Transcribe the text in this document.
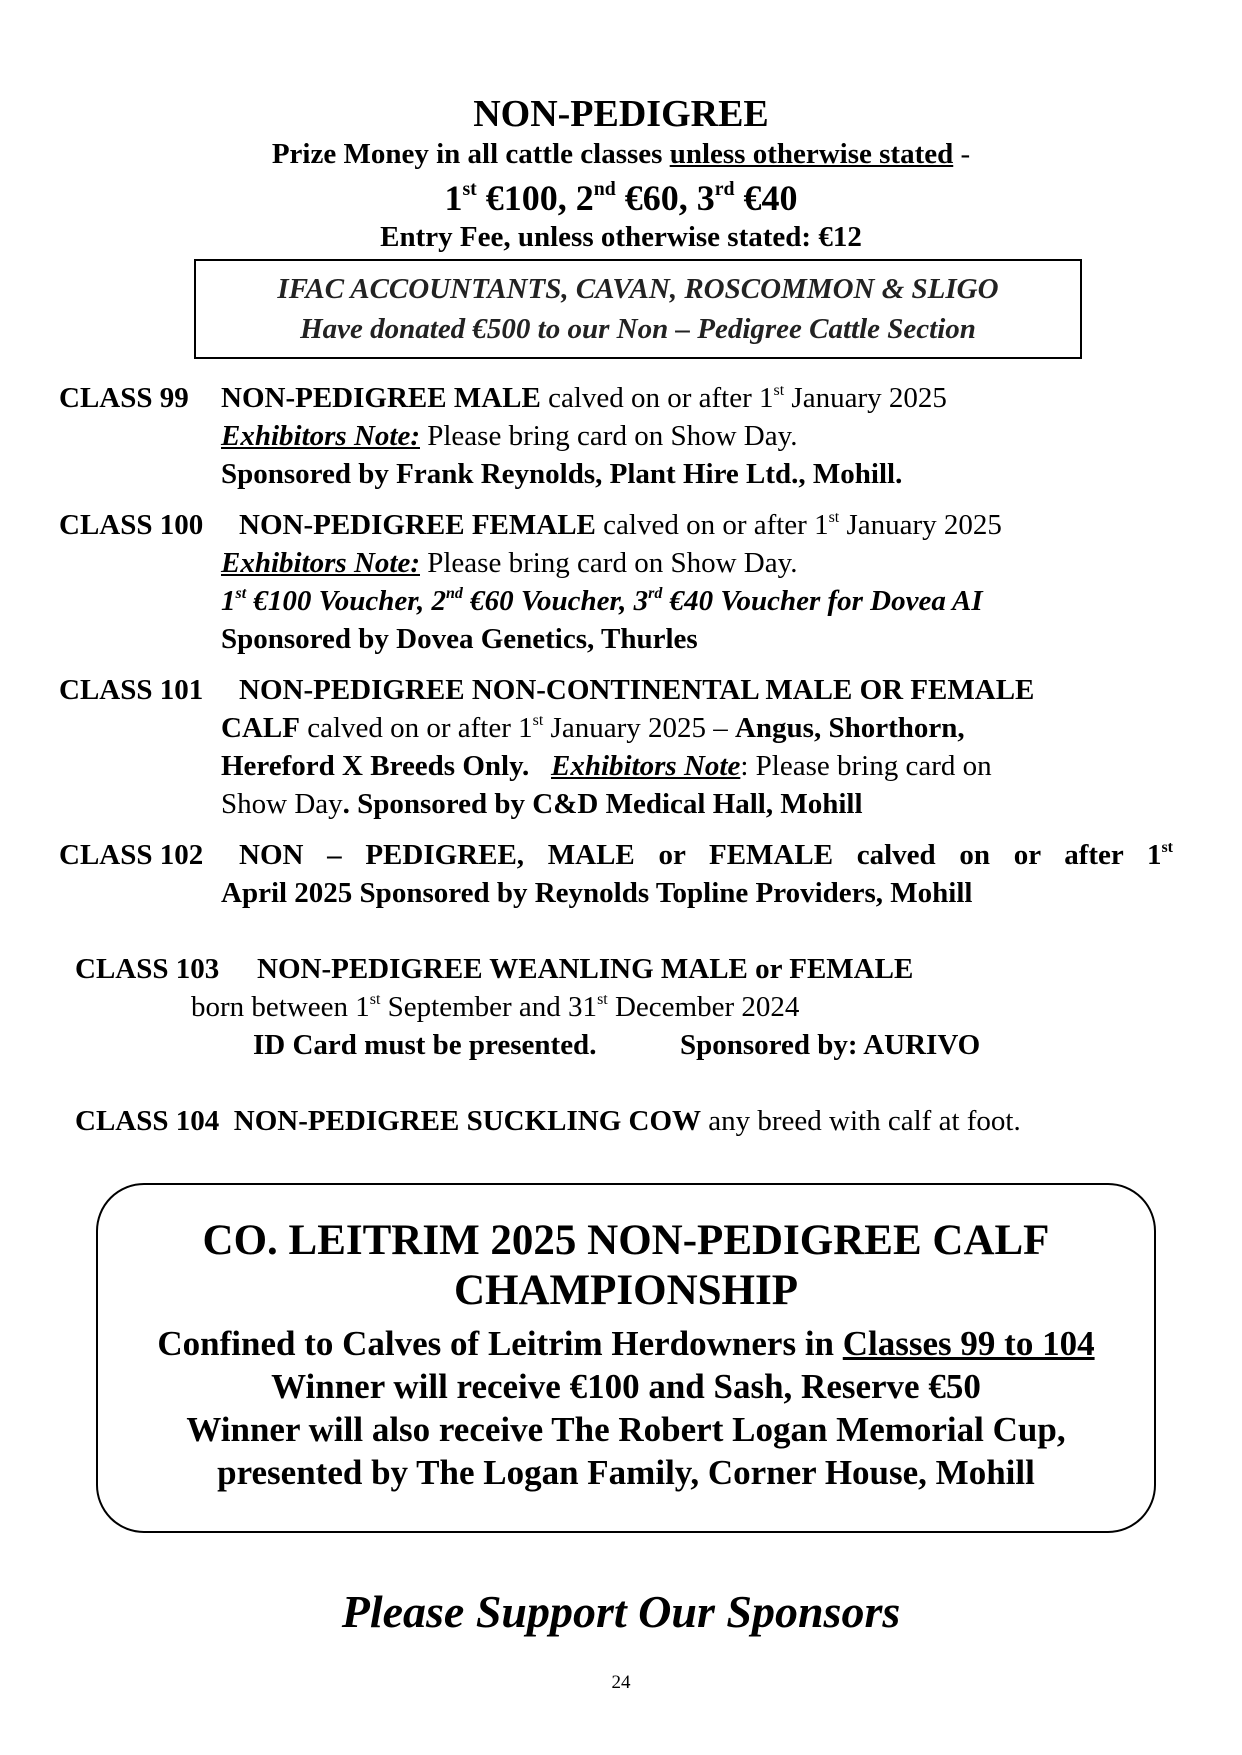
NON-PEDIGREE
Prize Money in all cattle classes unless otherwise stated -
1st €100, 2nd €60, 3rd €40
Entry Fee, unless otherwise stated: €12
IFAC ACCOUNTANTS, CAVAN, ROSCOMMON & SLIGO
Have donated €500 to our Non – Pedigree Cattle Section
CLASS 99 NON-PEDIGREE MALE calved on or after 1st January 2025
Exhibitors Note: Please bring card on Show Day.
Sponsored by Frank Reynolds, Plant Hire Ltd., Mohill.
CLASS 100 NON-PEDIGREE FEMALE calved on or after 1st January 2025
Exhibitors Note: Please bring card on Show Day.
1st €100 Voucher, 2nd €60 Voucher, 3rd €40 Voucher for Dovea AI
Sponsored by Dovea Genetics, Thurles
CLASS 101 NON-PEDIGREE NON-CONTINENTAL MALE OR FEMALE
CALF calved on or after 1st January 2025 – Angus, Shorthorn,
Hereford X Breeds Only. Exhibitors Note: Please bring card on
Show Day. Sponsored by C&D Medical Hall, Mohill
CLASS 102 NON – PEDIGREE, MALE or FEMALE calved on or after 1st
April 2025 Sponsored by Reynolds Topline Providers, Mohill
CLASS 103 NON-PEDIGREE WEANLING MALE or FEMALE
born between 1st September and 31st December 2024
ID Card must be presented.	Sponsored by: AURIVO
CLASS 104 NON-PEDIGREE SUCKLING COW any breed with calf at foot.
CO. LEITRIM 2025 NON-PEDIGREE CALF
CHAMPIONSHIP
Confined to Calves of Leitrim Herdowners in Classes 99 to 104
Winner will receive €100 and Sash, Reserve €50
Winner will also receive The Robert Logan Memorial Cup,
presented by The Logan Family, Corner House, Mohill
Please Support Our Sponsors
24
